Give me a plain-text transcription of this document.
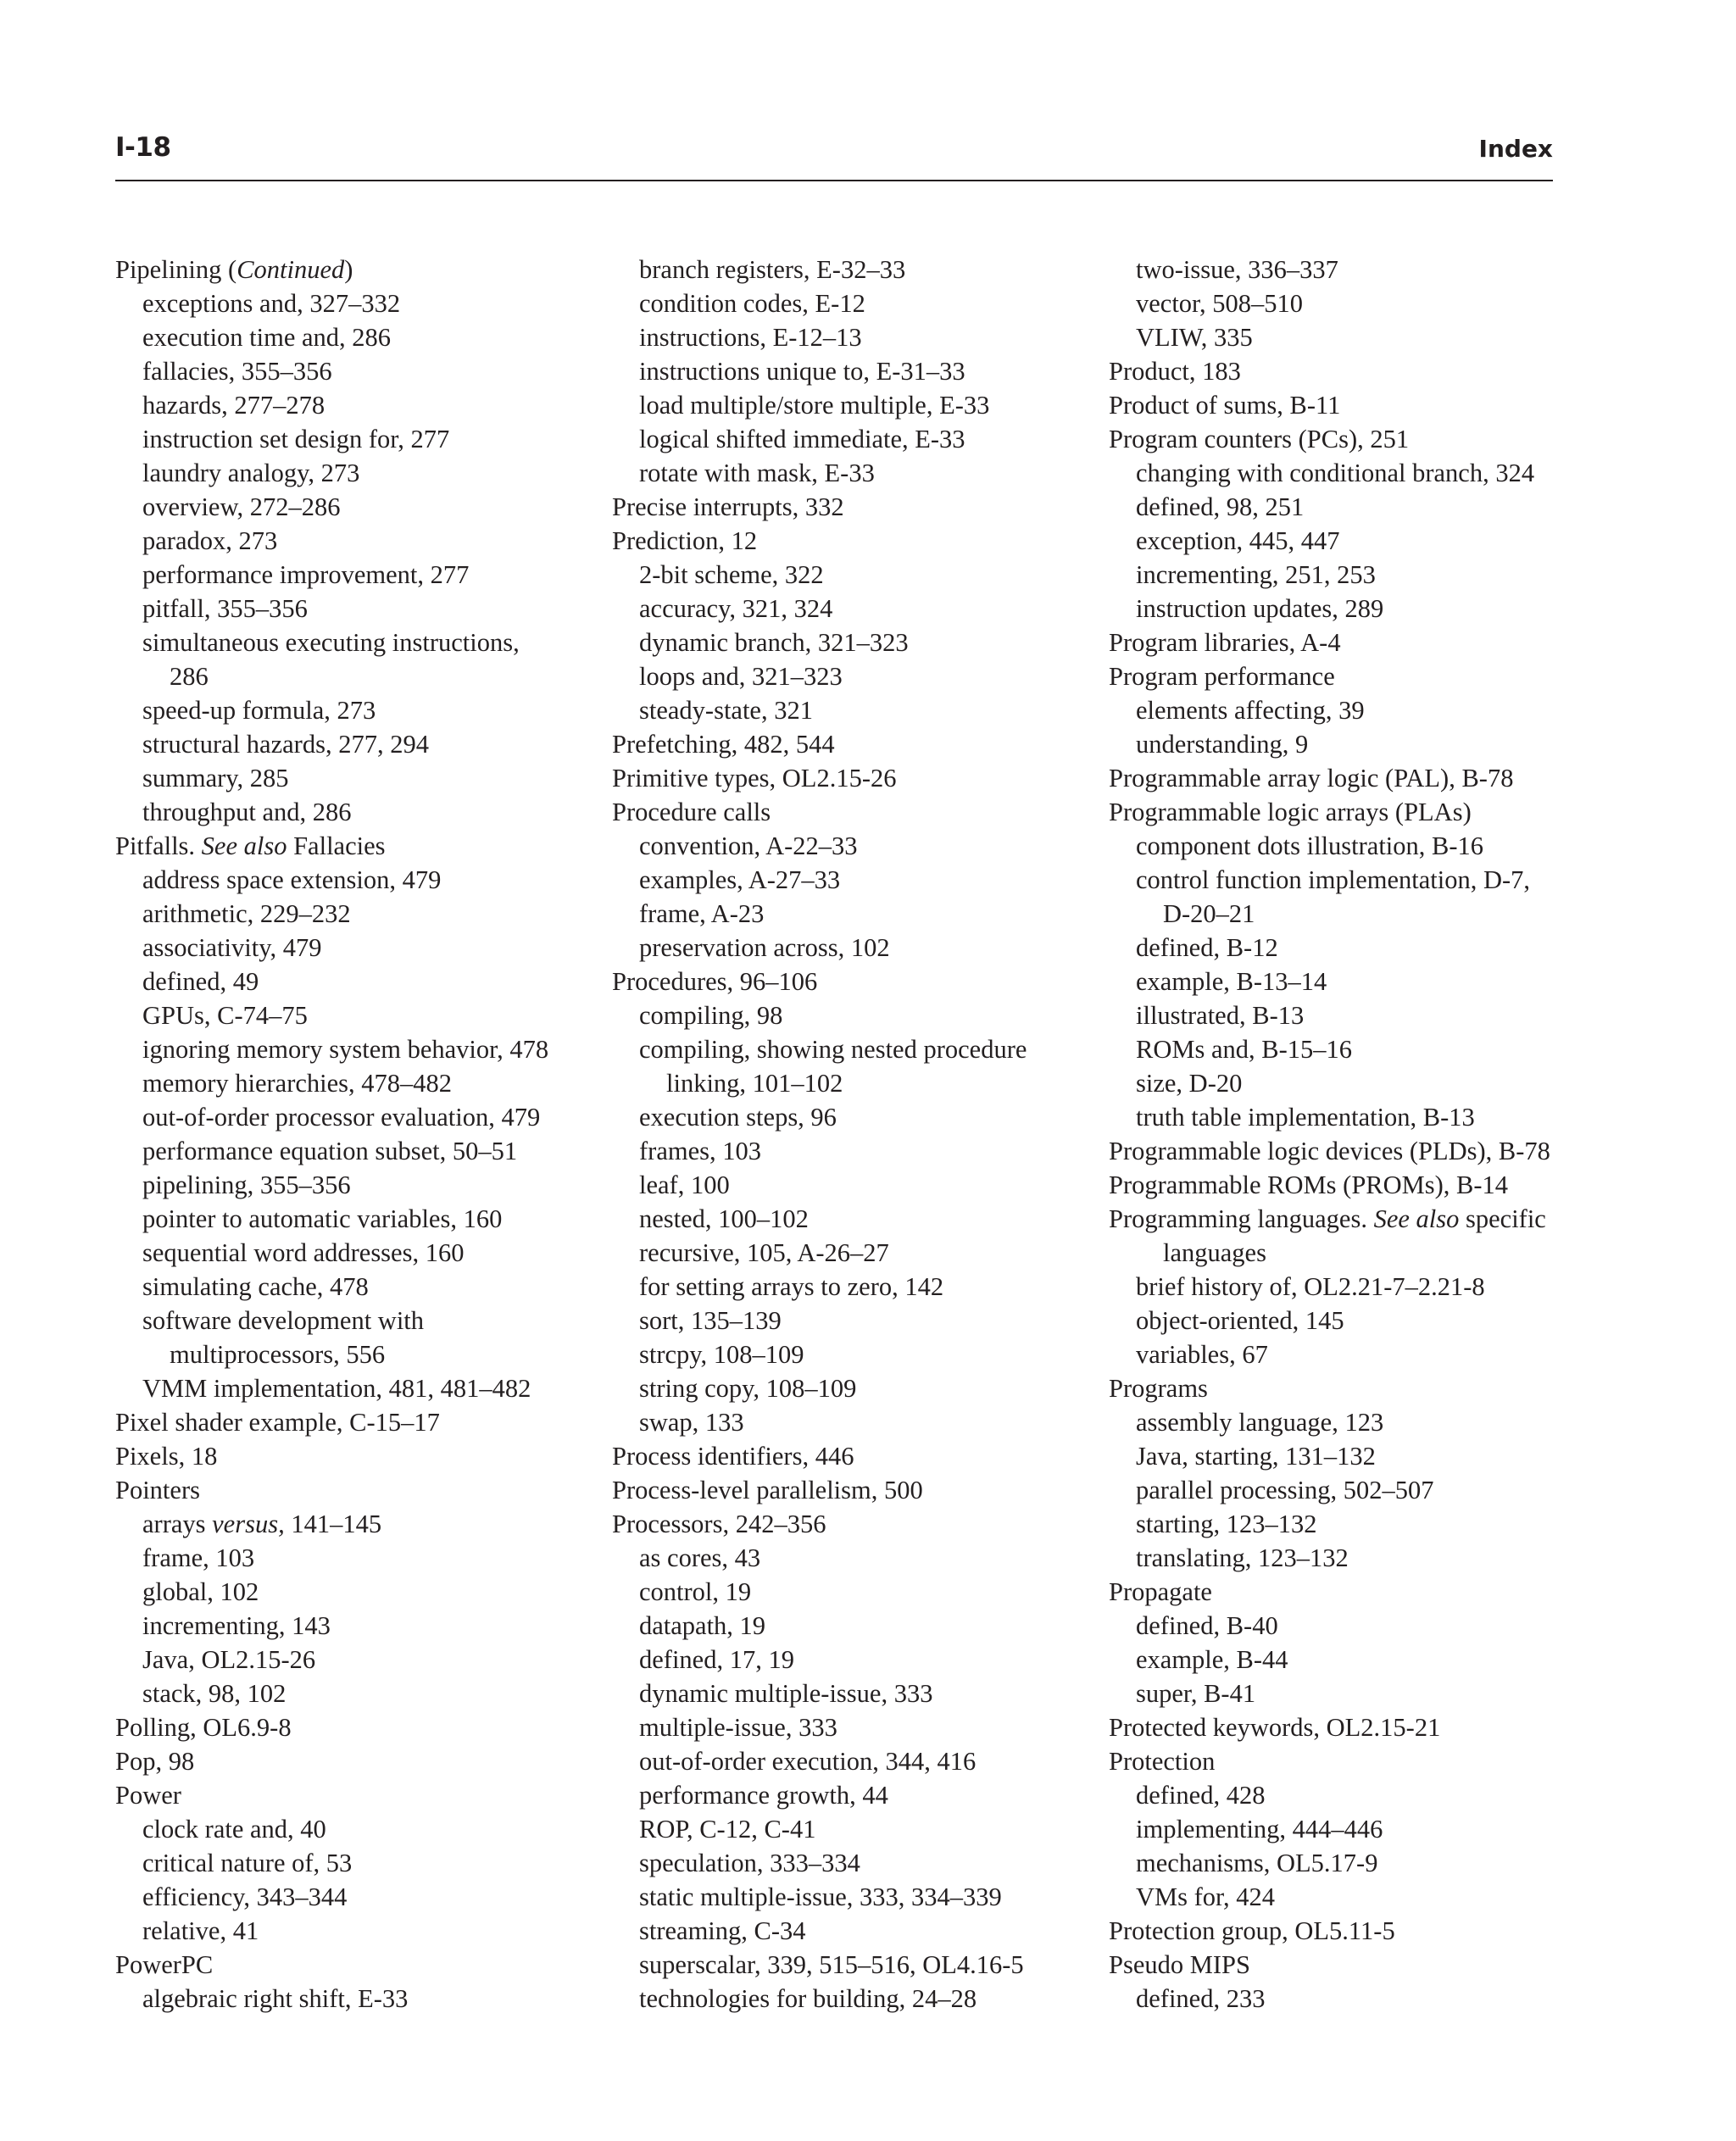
I-18	Index
Pipelining (Continued)
exceptions and, 327–332
execution time and, 286
fallacies, 355–356
hazards, 277–278
instruction set design for, 277
laundry analogy, 273
overview, 272–286
paradox, 273
performance improvement, 277
pitfall, 355–356
simultaneous executing instructions,
286
speed-up formula, 273
structural hazards, 277, 294
summary, 285
throughput and, 286
Pitfalls. See also Fallacies
address space extension, 479
arithmetic, 229–232
associativity, 479
defined, 49
GPUs, C-74–75
ignoring memory system behavior, 478
memory hierarchies, 478–482
out-of-order processor evaluation, 479
performance equation subset, 50–51
pipelining, 355–356
pointer to automatic variables, 160
sequential word addresses, 160
simulating cache, 478
software development with
multiprocessors, 556
VMM implementation, 481, 481–482
Pixel shader example, C-15–17
Pixels, 18
Pointers
arrays versus, 141–145
frame, 103
global, 102
incrementing, 143
Java, OL2.15-26
stack, 98, 102
Polling, OL6.9-8
Pop, 98
Power
clock rate and, 40
critical nature of, 53
efficiency, 343–344
relative, 41
PowerPC
algebraic right shift, E-33
branch registers, E-32–33
condition codes, E-12
instructions, E-12–13
instructions unique to, E-31–33
load multiple/store multiple, E-33
logical shifted immediate, E-33
rotate with mask, E-33
Precise interrupts, 332
Prediction, 12
2-bit scheme, 322
accuracy, 321, 324
dynamic branch, 321–323
loops and, 321–323
steady-state, 321
Prefetching, 482, 544
Primitive types, OL2.15-26
Procedure calls
convention, A-22–33
examples, A-27–33
frame, A-23
preservation across, 102
Procedures, 96–106
compiling, 98
compiling, showing nested procedure
linking, 101–102
execution steps, 96
frames, 103
leaf, 100
nested, 100–102
recursive, 105, A-26–27
for setting arrays to zero, 142
sort, 135–139
strcpy, 108–109
string copy, 108–109
swap, 133
Process identifiers, 446
Process-level parallelism, 500
Processors, 242–356
as cores, 43
control, 19
datapath, 19
defined, 17, 19
dynamic multiple-issue, 333
multiple-issue, 333
out-of-order execution, 344, 416
performance growth, 44
ROP, C-12, C-41
speculation, 333–334
static multiple-issue, 333, 334–339
streaming, C-34
superscalar, 339, 515–516, OL4.16-5
technologies for building, 24–28
two-issue, 336–337
vector, 508–510
VLIW, 335
Product, 183
Product of sums, B-11
Program counters (PCs), 251
changing with conditional branch, 324
defined, 98, 251
exception, 445, 447
incrementing, 251, 253
instruction updates, 289
Program libraries, A-4
Program performance
elements affecting, 39
understanding, 9
Programmable array logic (PAL), B-78
Programmable logic arrays (PLAs)
component dots illustration, B-16
control function implementation, D-7,
D-20–21
defined, B-12
example, B-13–14
illustrated, B-13
ROMs and, B-15–16
size, D-20
truth table implementation, B-13
Programmable logic devices (PLDs), B-78
Programmable ROMs (PROMs), B-14
Programming languages. See also specific
languages
brief history of, OL2.21-7–2.21-8
object-oriented, 145
variables, 67
Programs
assembly language, 123
Java, starting, 131–132
parallel processing, 502–507
starting, 123–132
translating, 123–132
Propagate
defined, B-40
example, B-44
super, B-41
Protected keywords, OL2.15-21
Protection
defined, 428
implementing, 444–446
mechanisms, OL5.17-9
VMs for, 424
Protection group, OL5.11-5
Pseudo MIPS
defined, 233
